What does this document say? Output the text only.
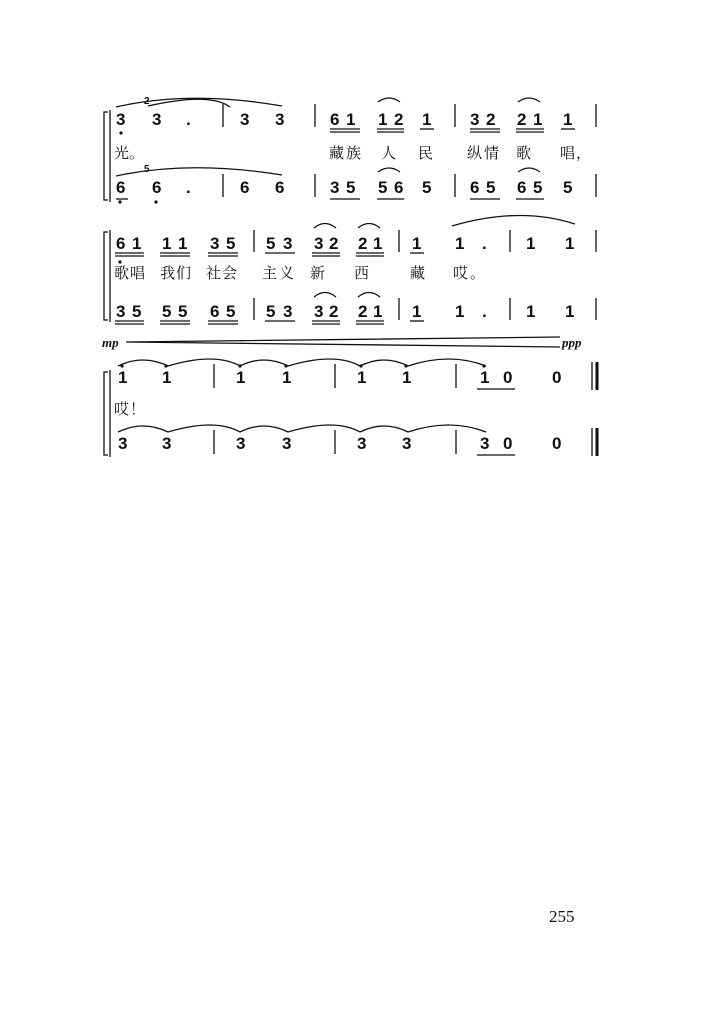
3 3 .	3 3	6 1 1 2 1 3 2 2 1 1
6 6 .	6 6	3 5 5 6 5 6 5 6 5 5
6 1 1 1 3 5 5 3 3 2 2 1 1 1 . 1 1
3 5 5 5 6 5 5 3 3 2 2 1 1 1 . 1 1
1 1	1 1	1 1	1 0 0
3 3	3 3	3 3	3 0 0
2
5
mp	ppp
光。	藏 族 人 民 纵 情 歌 唱 ，
歌 唱 我 们 社 会 主 义 新 西	藏 哎 。
哎 ！
255
